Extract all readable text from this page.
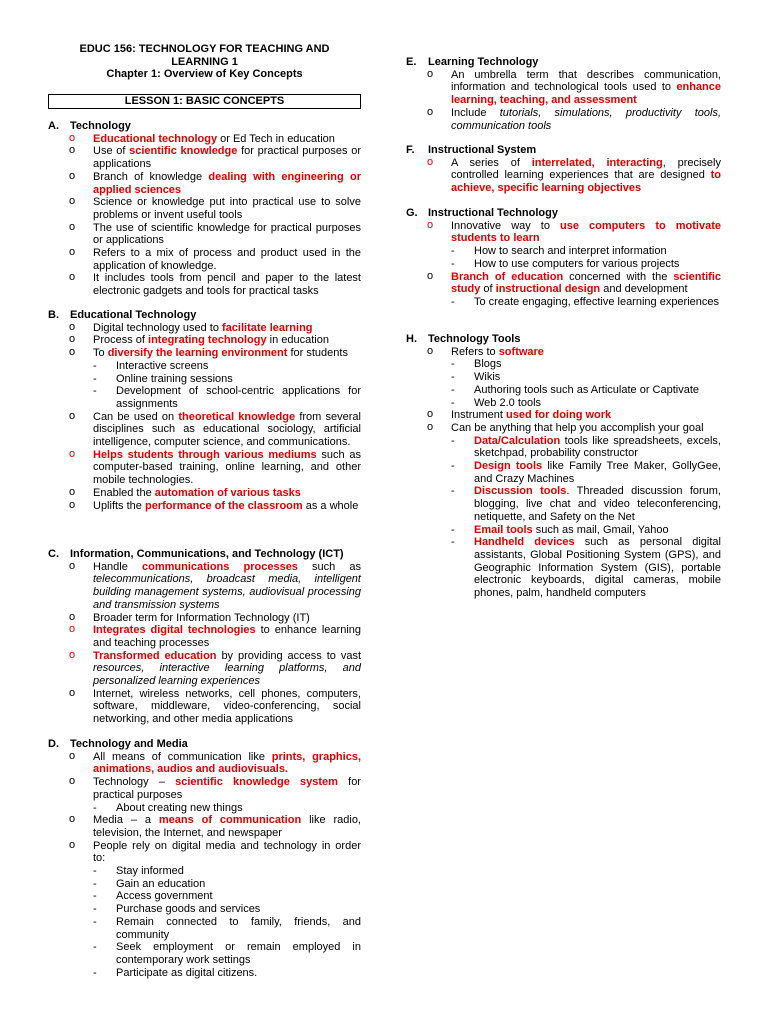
EDUC 156: TECHNOLOGY FOR TEACHING AND
LEARNING 1
Chapter 1: Overview of Key Concepts
LESSON 1: BASIC CONCEPTS
A. Technology
o Educational technology or Ed Tech in education
o Use of scientific knowledge for practical purposes or applications
o Branch of knowledge dealing with engineering or applied sciences
o Science or knowledge put into practical use to solve problems or invent useful tools
o The use of scientific knowledge for practical purposes or applications
o Refers to a mix of process and product used in the application of knowledge.
o It includes tools from pencil and paper to the latest electronic gadgets and tools for practical tasks
B. Educational Technology
o Digital technology used to facilitate learning
o Process of integrating technology in education
o To diversify the learning environment for students
- Interactive screens
- Online training sessions
- Development of school-centric applications for assignments
o Can be used on theoretical knowledge from several disciplines such as educational sociology, artificial intelligence, computer science, and communications.
o Helps students through various mediums such as computer-based training, online learning, and other mobile technologies.
o Enabled the automation of various tasks
o Uplifts the performance of the classroom as a whole
C. Information, Communications, and Technology (ICT)
o Handle communications processes such as telecommunications, broadcast media, intelligent building management systems, audiovisual processing and transmission systems
o Broader term for Information Technology (IT)
o Integrates digital technologies to enhance learning and teaching processes
o Transformed education by providing access to vast resources, interactive learning platforms, and personalized learning experiences
o Internet, wireless networks, cell phones, computers, software, middleware, video-conferencing, social networking, and other media applications
D. Technology and Media
o All means of communication like prints, graphics, animations, audios and audiovisuals.
o Technology – scientific knowledge system for practical purposes
- About creating new things
o Media – a means of communication like radio, television, the Internet, and newspaper
o People rely on digital media and technology in order to:
- Stay informed
- Gain an education
- Access government
- Purchase goods and services
- Remain connected to family, friends, and community
- Seek employment or remain employed in contemporary work settings
- Participate as digital citizens.
E. Learning Technology
o An umbrella term that describes communication, information and technological tools used to enhance learning, teaching, and assessment
o Include tutorials, simulations, productivity tools, communication tools
F. Instructional System
o A series of interrelated, interacting, precisely controlled learning experiences that are designed to achieve, specific learning objectives
G. Instructional Technology
o Innovative way to use computers to motivate students to learn
- How to search and interpret information
- How to use computers for various projects
o Branch of education concerned with the scientific study of instructional design and development
- To create engaging, effective learning experiences
H. Technology Tools
o Refers to software
- Blogs
- Wikis
- Authoring tools such as Articulate or Captivate
- Web 2.0 tools
o Instrument used for doing work
o Can be anything that help you accomplish your goal
- Data/Calculation tools like spreadsheets, excels, sketchpad, probability constructor
- Design tools like Family Tree Maker, GollyGee, and Crazy Machines
- Discussion tools. Threaded discussion forum, blogging, live chat and video teleconferencing, netiquette, and Safety on the Net
- Email tools such as mail, Gmail, Yahoo
- Handheld devices such as personal digital assistants, Global Positioning System (GPS), and Geographic Information System (GIS), portable electronic keyboards, digital cameras, mobile phones, palm, handheld computers
